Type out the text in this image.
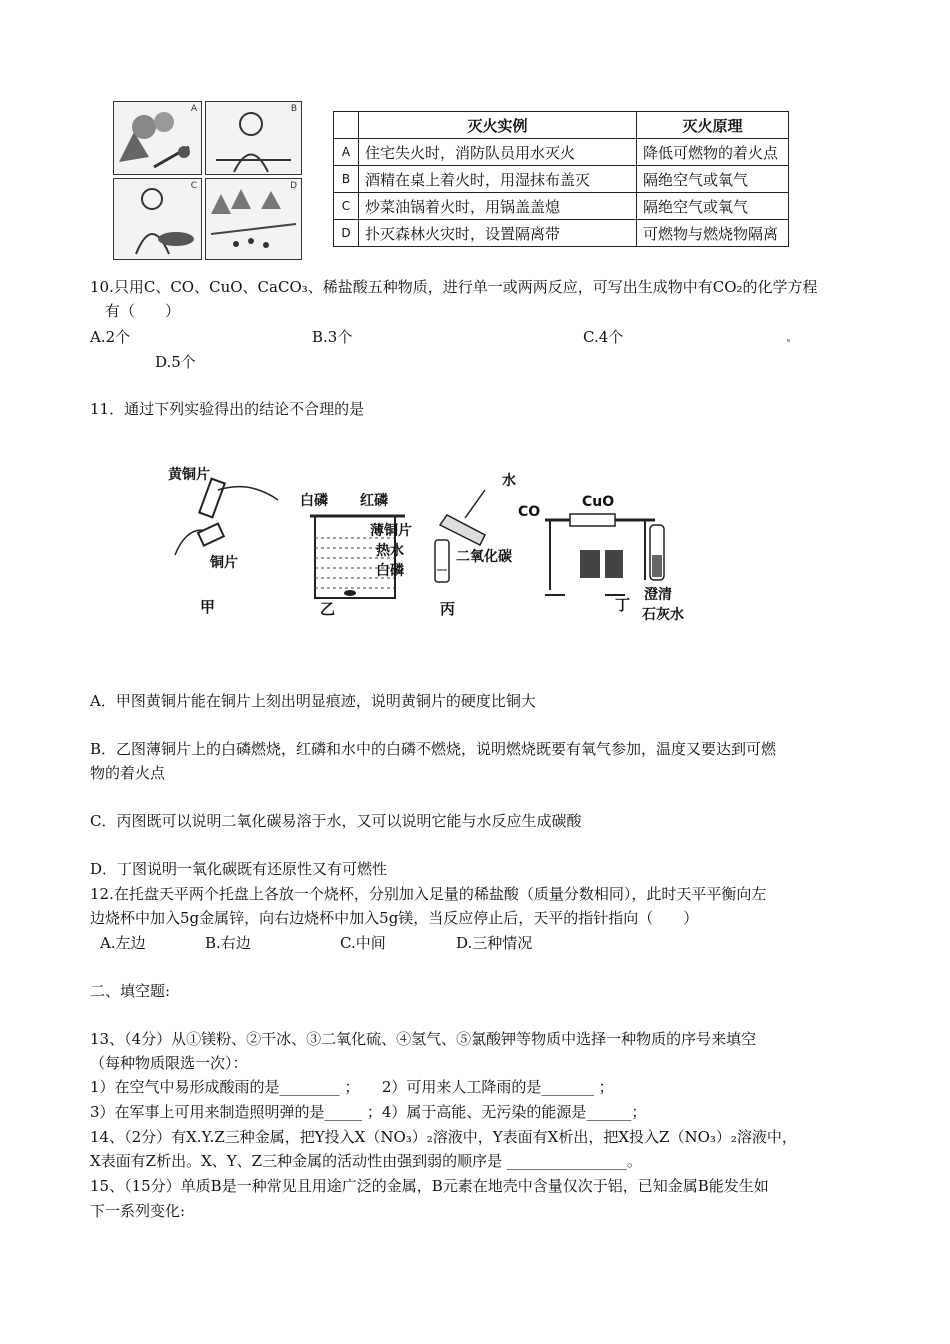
A	B
C	D
	灭火实例	灭火原理
A	住宅失火时，消防队员用水灭火	降低可燃物的着火点
B	酒精在桌上着火时，用湿抹布盖灭	隔绝空气或氧气
C	炒菜油锅着火时，用锅盖盖熄	隔绝空气或氧气
D	扑灭森林火灾时，设置隔离带	可燃物与燃烧物隔离
10.只用C、CO、CuO、CaCO₃、稀盐酸五种物质，进行单一或两两反应，可写出生成物中有CO₂的化学方程
有（　　）
A.2个	B.3个	C.4个
D.5个
11．通过下列实验得出的结论不合理的是
黄铜片
铜片
甲
白磷 红磷
薄铜片
热水
白磷
乙
水
二氧化碳
丙
CO
CuO
丁
澄清
石灰水
A．甲图黄铜片能在铜片上刻出明显痕迹，说明黄铜片的硬度比铜大
B．乙图薄铜片上的白磷燃烧，红磷和水中的白磷不燃烧，说明燃烧既要有氧气参加，温度又要达到可燃
物的着火点
C．丙图既可以说明二氧化碳易溶于水，又可以说明它能与水反应生成碳酸
D．丁图说明一氧化碳既有还原性又有可燃性
12.在托盘天平两个托盘上各放一个烧杯，分别加入足量的稀盐酸（质量分数相同），此时天平平衡向左
边烧杯中加入5g金属锌，向右边烧杯中加入5g镁，当反应停止后，天平的指针指向（　　）
A.左边	B.右边	C.中间	D.三种情况
二、填空题:
13、（4分）从①镁粉、②干冰、③二氧化硫、④氢气、⑤氯酸钾等物质中选择一种物质的序号来填空
（每种物质限选一次）：
1）在空气中易形成酸雨的是________ ；　　2）可用来人工降雨的是_______ ；
3）在军事上可用来制造照明弹的是_____ ；4）属于高能、无污染的能源是______；
14、（2分）有X.Y.Z三种金属，把Y投入X（NO₃）₂溶液中，Y表面有X析出，把X投入Z（NO₃）₂溶液中，
X表面有Z析出。X、Y、Z三种金属的活动性由强到弱的顺序是 ________________。
15、（15分）单质B是一种常见且用途广泛的金属，B元素在地壳中含量仅次于铝，已知金属B能发生如
下一系列变化:
